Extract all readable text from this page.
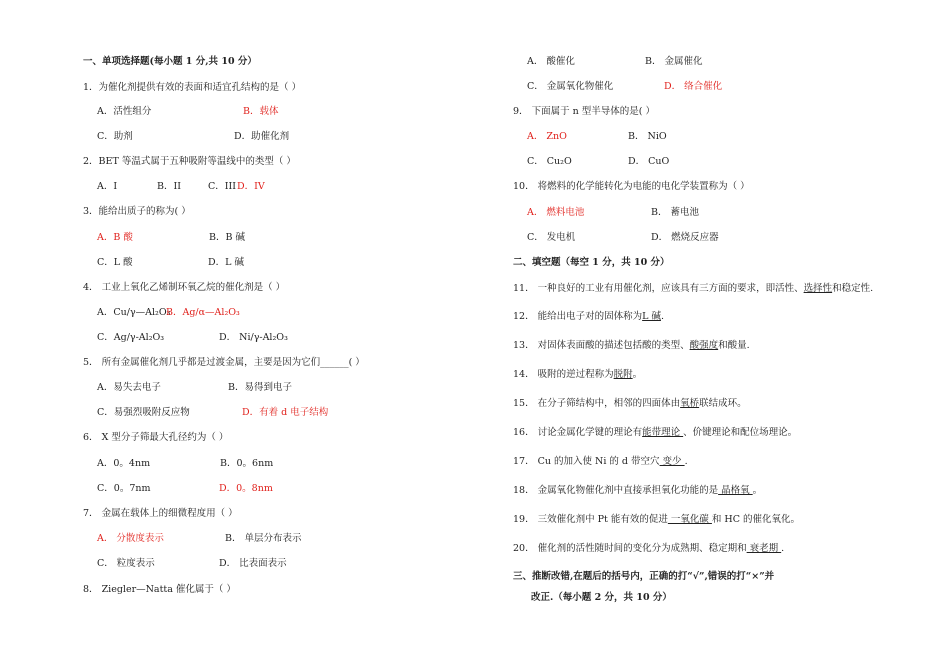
一、单项选择题(每小题 1 分,共 10 分）
1．为催化剂提供有效的表面和适宜孔结构的是（ ）
A．活性组分	B．载体
C．助剂	D．助催化剂
2．BET 等温式属于五种吸附等温线中的类型（ ）
A．I	B．II	C．III D．IV
3．能给出质子的称为( ）
A．B 酸	B．B 碱
C．L 酸	D．L 碱
4． 工业上氧化乙烯制环氧乙烷的催化剂是（ ）
A．Cu/γ—Al₂O₃
B．Ag/α—Al₂O₃
C．Ag/γ-Al₂O₃	D． Ni/γ-Al₂O₃
5． 所有金属催化剂几乎都是过渡金属，主要是因为它们______( ）
A．易失去电子	B．易得到电子
C．易强烈吸附反应物	D．有着 d 电子结构
6． X 型分子筛最大孔径约为（ ）
A．0。4nm	B．0。6nm
C．0。7nm	D．0。8nm
7． 金属在载体上的细微程度用（ ）
A． 分散度表示	B． 单层分布表示
C． 粒度表示	D． 比表面表示
8． Ziegler—Natta 催化属于（ ）
A． 酸催化	B． 金属催化
C． 金属氧化物催化	D． 络合催化
9． 下面属于 n 型半导体的是( ）
A． ZnO	B． NiO
C． Cu₂O	D． CuO
10． 将燃料的化学能转化为电能的电化学装置称为（ ）
A． 燃料电池	B． 蓄电池
C． 发电机	D． 燃烧反应器
二、填空题（每空 1 分，共 10 分）
11． 一种良好的工业有用催化剂，应该具有三方面的要求，即活性、选择性和稳定性.
12． 能给出电子对的固体称为L 碱.
13． 对固体表面酸的描述包括酸的类型、酸强度和酸量.
14． 吸附的逆过程称为脱附。
15． 在分子筛结构中，相邻的四面体由氧桥联结成环。
16． 讨论金属化学键的理论有能带理论 、价键理论和配位场理论。
17． Cu 的加入使 Ni 的 d 带空穴 变少 .
18． 金属氧化物催化剂中直接承担氧化功能的是 晶格氧 。
19． 三效催化剂中 Pt 能有效的促进 一氧化碳 和 HC 的催化氧化。
20． 催化剂的活性随时间的变化分为成熟期、稳定期和 衰老期 .
三、推断改错,在题后的括号内，正确的打“√”,错误的打“×”并
改正.（每小题 2 分，共 10 分）
